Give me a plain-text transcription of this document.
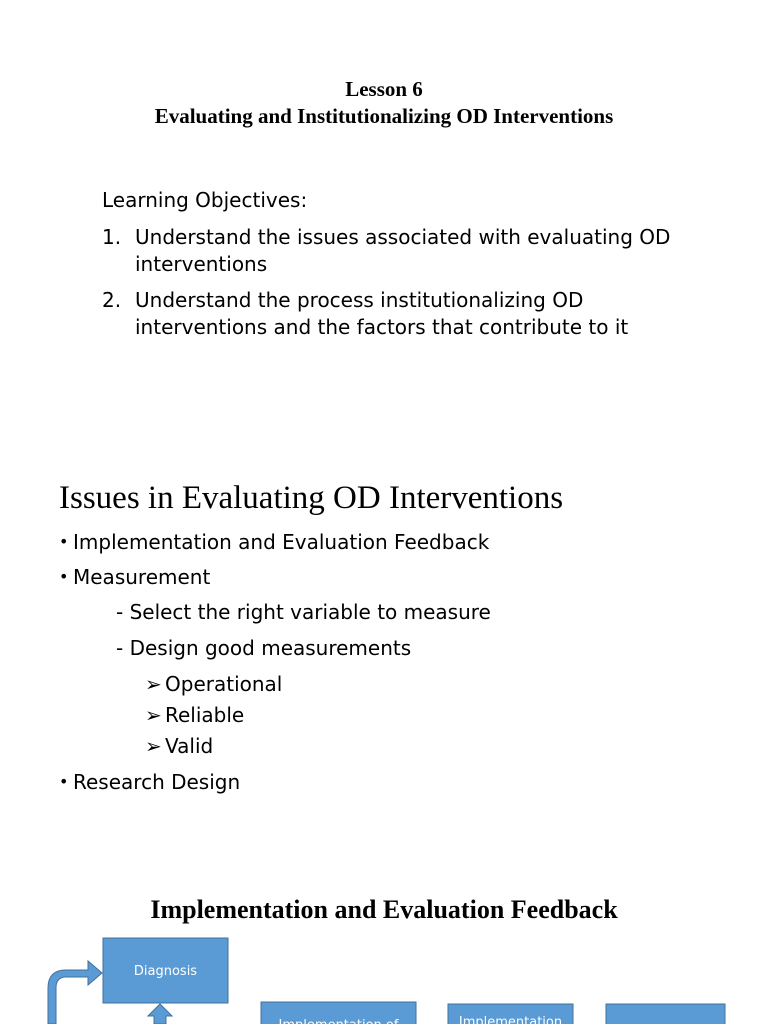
Lesson 6
Evaluating and Institutionalizing OD Interventions
Learning Objectives:
1. Understand the issues associated with evaluating OD interventions
2. Understand the process institutionalizing OD interventions and the factors that contribute to it
Issues in Evaluating OD Interventions
• Implementation and Evaluation Feedback
• Measurement
- Select the right variable to measure
- Design good measurements
➢ Operational
➢ Reliable
➢ Valid
• Research Design
Implementation and Evaluation Feedback
Diagnosis
Implementation of	Implementation
